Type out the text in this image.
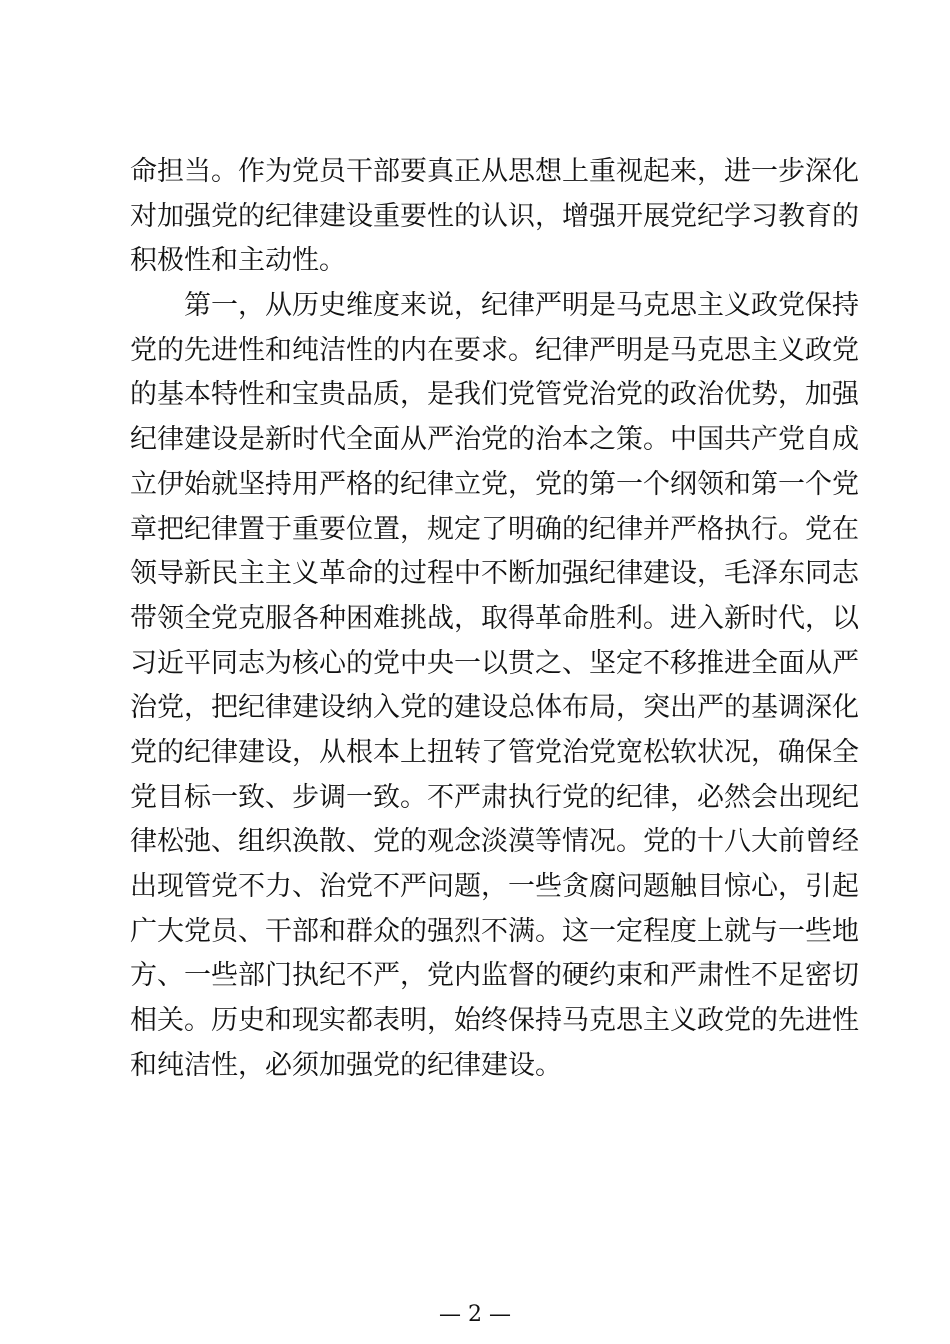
命担当。作为党员干部要真正从思想上重视起来，进一步深化
对加强党的纪律建设重要性的认识，增强开展党纪学习教育的
积极性和主动性。
第一，从历史维度来说，纪律严明是马克思主义政党保持
党的先进性和纯洁性的内在要求。纪律严明是马克思主义政党
的基本特性和宝贵品质，是我们党管党治党的政治优势，加强
纪律建设是新时代全面从严治党的治本之策。中国共产党自成
立伊始就坚持用严格的纪律立党，党的第一个纲领和第一个党
章把纪律置于重要位置，规定了明确的纪律并严格执行。党在
领导新民主主义革命的过程中不断加强纪律建设，毛泽东同志
带领全党克服各种困难挑战，取得革命胜利。进入新时代，以
习近平同志为核心的党中央一以贯之、坚定不移推进全面从严
治党，把纪律建设纳入党的建设总体布局，突出严的基调深化
党的纪律建设，从根本上扭转了管党治党宽松软状况，确保全
党目标一致、步调一致。不严肃执行党的纪律，必然会出现纪
律松弛、组织涣散、党的观念淡漠等情况。党的十八大前曾经
出现管党不力、治党不严问题，一些贪腐问题触目惊心，引起
广大党员、干部和群众的强烈不满。这一定程度上就与一些地
方、一些部门执纪不严，党内监督的硬约束和严肃性不足密切
相关。历史和现实都表明，始终保持马克思主义政党的先进性
和纯洁性，必须加强党的纪律建设。
— 2 —
